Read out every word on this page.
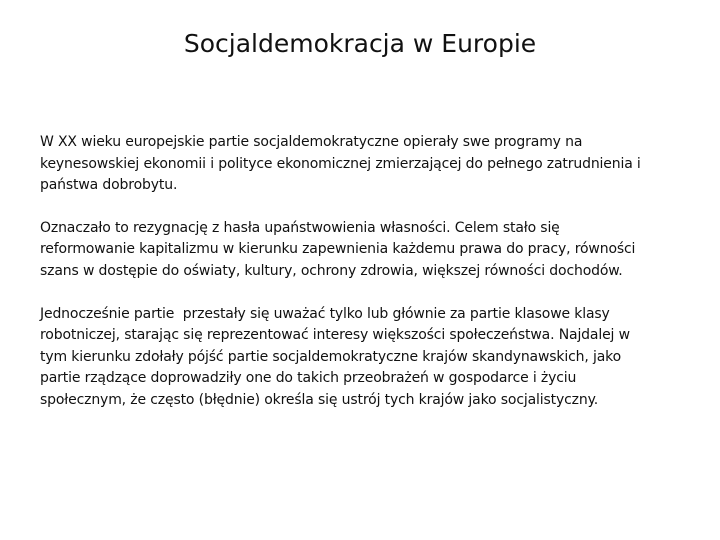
Socjaldemokracja w Europie

W XX wieku europejskie partie socjaldemokratyczne opierały swe programy na
keynesowskiej ekonomii i polityce ekonomicznej zmierzającej do pełnego zatrudnienia i
państwa dobrobytu.

Oznaczało to rezygnację z hasła upaństwowienia własności. Celem stało się
reformowanie kapitalizmu w kierunku zapewnienia każdemu prawa do pracy, równości
szans w dostępie do oświaty, kultury, ochrony zdrowia, większej równości dochodów.

Jednocześnie partie  przestały się uważać tylko lub głównie za partie klasowe klasy
robotniczej, starając się reprezentować interesy większości społeczeństwa. Najdalej w
tym kierunku zdołały pójść partie socjaldemokratyczne krajów skandynawskich, jako
partie rządzące doprowadziły one do takich przeobrażeń w gospodarce i życiu
społecznym, że często (błędnie) określa się ustrój tych krajów jako socjalistyczny.
